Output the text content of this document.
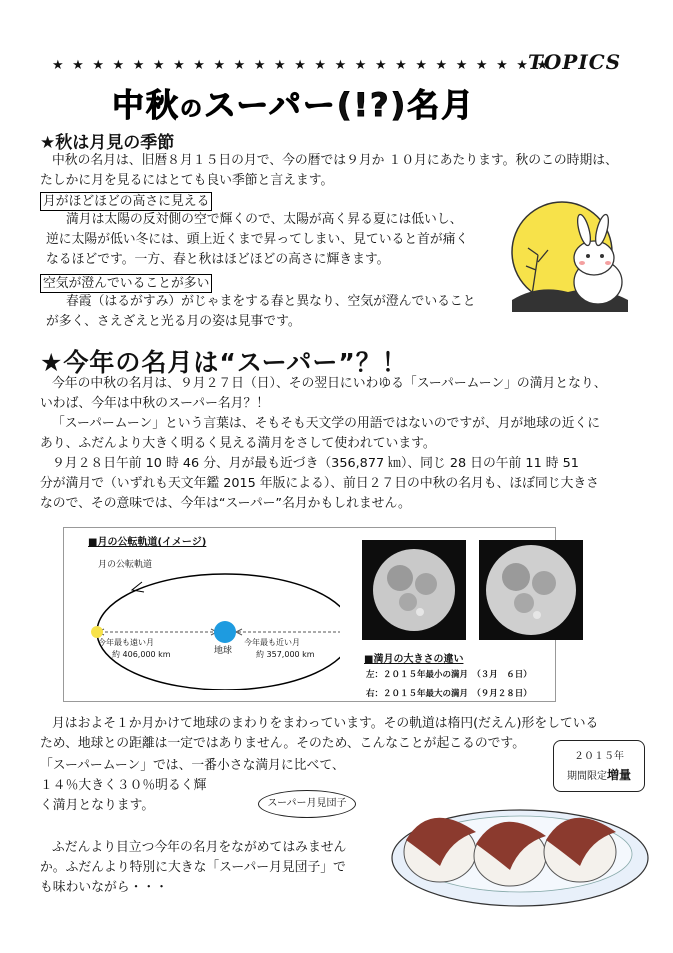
★ ★ ★ ★ ★ ★ ★ ★ ★ ★ ★ ★ ★ ★ ★ ★ ★ ★ ★ ★ ★ ★ ★ ★ ★
TOPICS
中秋のスーパー(!?)名月
★秋は月見の季節
中秋の名月は、旧暦８月１５日の月で、今の暦では９月か １０月にあたります。秋のこの時期は、
たしかに月を見るにはとても良い季節と言えます。
月がほどほどの高さに見える
満月は太陽の反対側の空で輝くので、太陽が高く昇る夏には低いし、
逆に太陽が低い冬には、頭上近くまで昇ってしまい、見ていると首が痛く
なるほどです。一方、春と秋はほどほどの高さに輝きます。
空気が澄んでいることが多い
春霞（はるがすみ）がじゃまをする春と異なり、空気が澄んでいること
が多く、さえざえと光る月の姿は見事です。
★今年の名月は“スーパー”？！
今年の中秋の名月は、９月２７日（日）、その翌日にいわゆる「スーパームーン」の満月となり、
いわば、今年は中秋のスーパー名月？！
「スーパームーン」という言葉は、そもそも天文学の用語ではないのですが、月が地球の近くに
あり、ふだんより大きく明るく見える満月をさして使われています。
９月２８日午前 10 時 46 分、月が最も近づき（356,877 ㎞）、同じ 28 日の午前 11 時 51
分が満月で（いずれも天文年鑑 2015 年版による）、前日２７日の中秋の名月も、ほぼ同じ大きさ
なので、その意味では、今年は“スーパー”名月かもしれません。
■月の公転軌道(イメージ)
月の公転軌道
今年最も遠い月
約 406,000 km	地球
今年最も近い月
約 357,000 km	■満月の大きさの違い
左：２０１５年最小の満月　（３月　６日）
右：２０１５年最大の満月　（９月２８日）
月はおよそ１か月かけて地球のまわりをまわっています。その軌道は楕円(だえん)形をしている
ため、地球との距離は一定ではありません。そのため、こんなことが起こるのです。
「スーパームーン」では、一番小さな満月に比べて、
１４％大きく３０％明るく輝
く満月となります。
ふだんより目立つ今年の名月をながめてはみません
か。ふだんより特別に大きな「スーパー月見団子」で
も味わいながら・・・
スーパー月見団子
２０１５年
期間限定増量
